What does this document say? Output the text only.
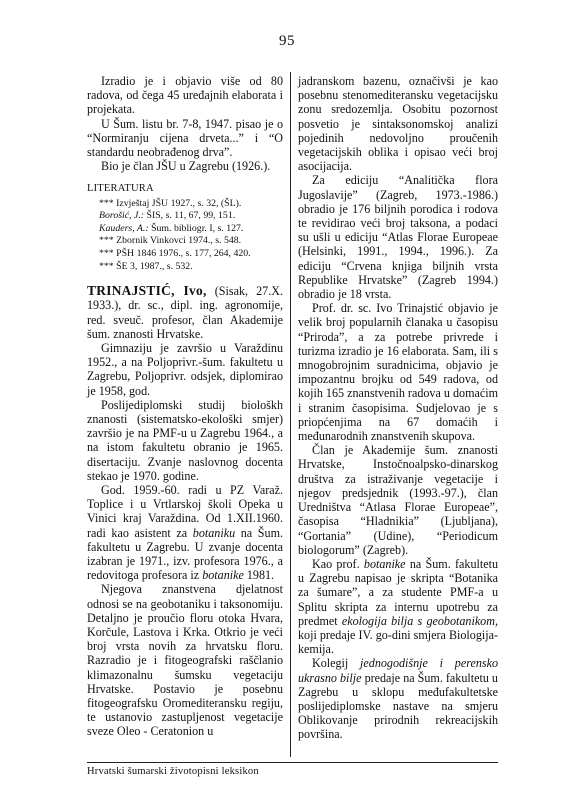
95

Izradio je i objavio više od 80 radova, od čega 45 uređajnih elaborata i projekata.

U Šum. listu br. 7-8, 1947. pisao je o “Normiranju cijena drveta...” i “O standardu neobrađenog drva”.

Bio je član JŠU u Zagrebu (1926.).

LITERATURA
*** Izvještaj JŠU 1927., s. 32, (ŠL).
Borošić, J.: ŠIS, s. 11, 67, 99, 151.
Kauders, A.: Šum. bibliogr. I, s. 127.
*** Zbornik Vinkovci 1974., s. 548.
*** PŠH 1846 1976., s. 177, 264, 420.
*** ŠE 3, 1987., s. 532.

TRINAJSTIĆ, Ivo, (Sisak, 27.X. 1933.), dr. sc., dipl. ing. agronomije, red. sveuč. profesor, član Akademije šum. znanosti Hrvatske.

Gimnaziju je završio u Varaždinu 1952., a na Poljoprivr.-šum. fakultetu u Zagrebu, Poljoprivr. odsjek, diplomirao je 1958, god.

Poslijediplomski studij biološkh znanosti (sistematsko-ekološki smjer) završio je na PMF-u u Zagrebu 1964., a na istom fakultetu obranio je 1965. disertaciju. Zvanje naslovnog docenta stekao je 1970. godine.

God. 1959.-60. radi u PZ Varaž. Toplice i u Vrtlarskoj školi Opeka u Vinici kraj Varaždina. Od 1.XII.1960. radi kao asistent za botaniku na Šum. fakultetu u Zagrebu. U zvanje docenta izabran je 1971., izv. profesora 1976., a redovitoga profesora iz botanike 1981.

Njegova znanstvena djelatnost odnosi se na geobotaniku i taksonomiju. Detaljno je proučio floru otoka Hvara, Korčule, Lastova i Krka. Otkrio je veći broj vrsta novih za hrvatsku floru. Razradio je i fitogeografski raščlanio klimazonalnu šumsku vegetaciju Hrvatske. Postavio je posebnu fitogeografsku Oromediteransku regiju, te ustanovio zastupljenost vegetacije sveze Oleo - Ceratonion u

jadranskom bazenu, označivši je kao posebnu stenomediteransku vegetacijsku zonu sredozemlja. Osobitu pozornost posvetio je sintaksonomskoj analizi pojedinih nedovoljno proučenih vegetacijskih oblika i opisao veći broj asocijacija.

Za ediciju “Analitička flora Jugoslavije” (Zagreb, 1973.-1986.) obradio je 176 biljnih porodica i rodova te revidirao veći broj taksona, a podaci su ušli u ediciju “Atlas Florae Europeae (Helsinki, 1991., 1994., 1996.). Za ediciju “Crvena knjiga biljnih vrsta Republike Hrvatske” (Zagreb 1994.) obradio je 18 vrsta.

Prof. dr. sc. Ivo Trinajstić objavio je velik broj popularnih članaka u časopisu “Priroda”, a za potrebe privrede i turizma izradio je 16 elaborata. Sam, ili s mnogobrojnim suradnicima, objavio je impozantnu brojku od 549 radova, od kojih 165 znanstvenih radova u domaćim i stranim časopisima. Sudjelovao je s priopćenjima na 67 domaćih i međunarodnih znanstvenih skupova.

Član je Akademije šum. znanosti Hrvatske, Instočnoalpsko-dinarskog društva za istraživanje vegetacije i njegov predsjednik (1993.-97.), član Uredništva “Atlasa Florae Europeae”, časopisa “Hladnikia” (Ljubljana), “Gortania” (Udine), “Periodicum biologorum” (Zagreb).

Kao prof. botanike na Šum. fakultetu u Zagrebu napisao je skripta “Botanika za šumare”, a za studente PMF-a u Splitu skripta za internu upotrebu za predmet ekologija bilja s geobotanikom, koji predaje IV. go-dini smjera Biologija-kemija.

Kolegij jednogodišnje i perensko ukrasno bilje predaje na Šum. fakultetu u Zagrebu u sklopu međufakultetske poslijediplomske nastave na smjeru Oblikovanje prirodnih rekreacijskih površina.

Hrvatski šumarski životopisni leksikon
